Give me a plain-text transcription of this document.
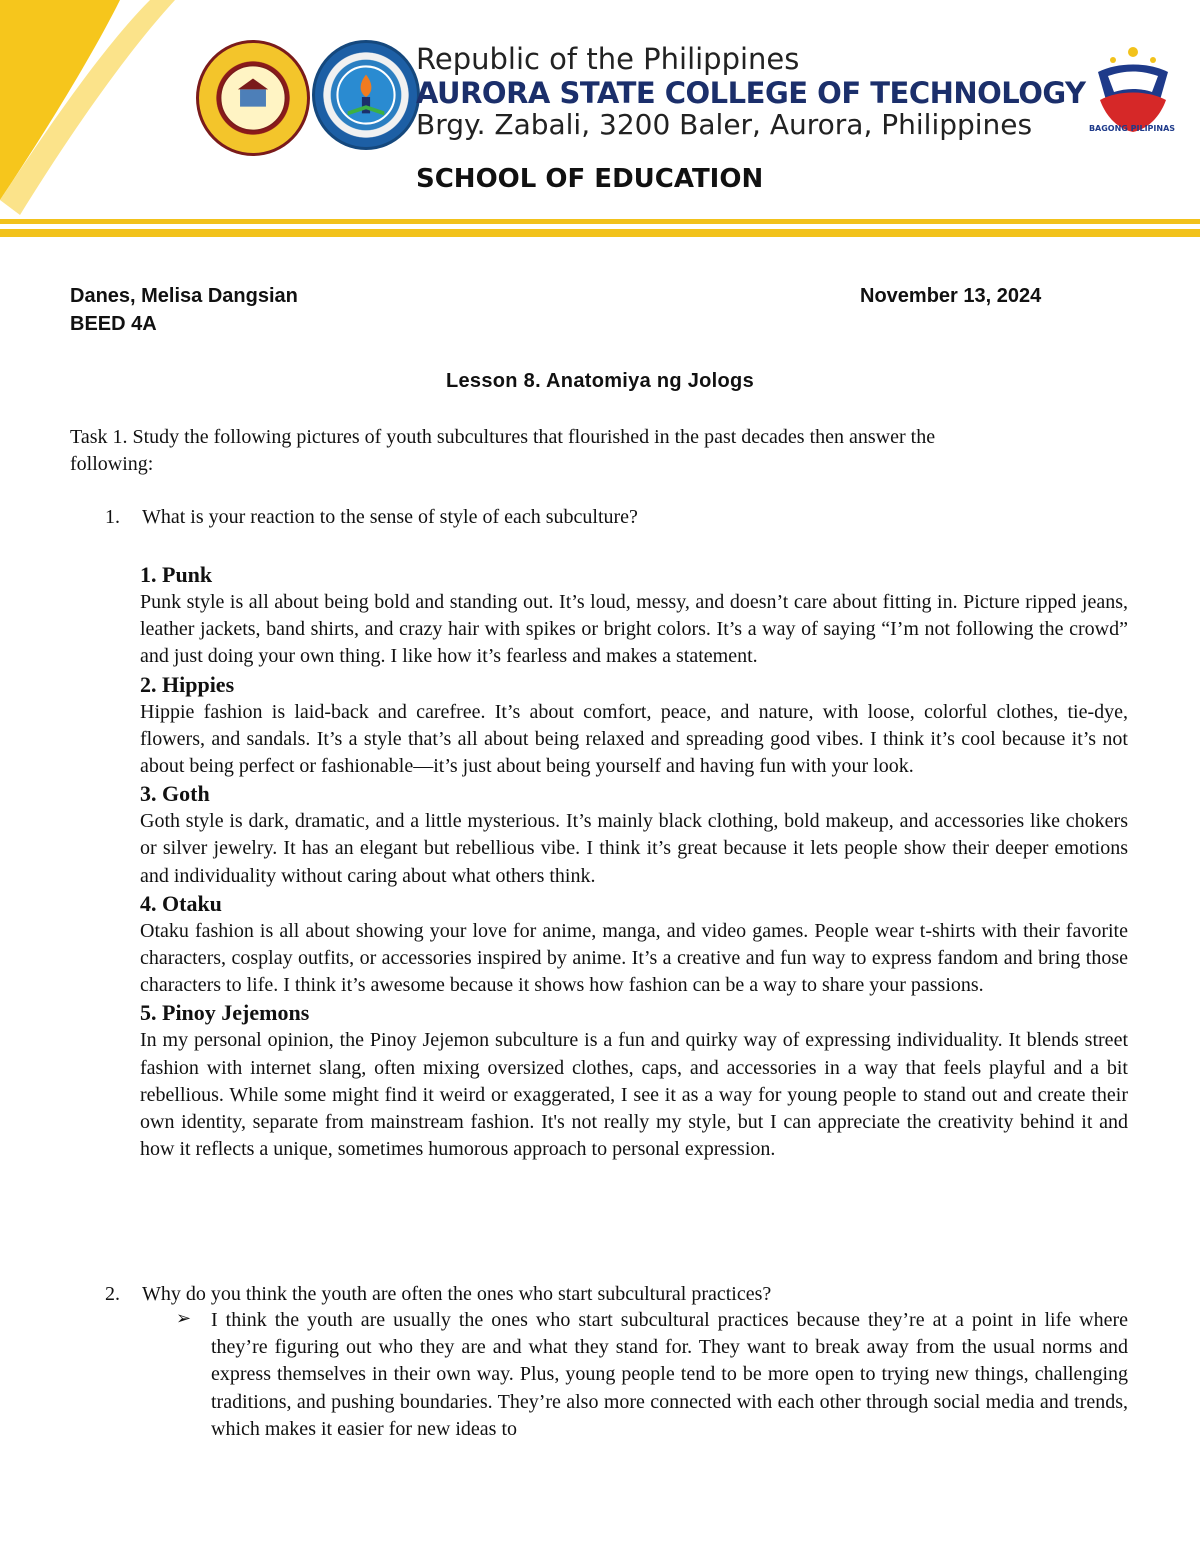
Republic of the Philippines
AURORA STATE COLLEGE OF TECHNOLOGY
Brgy. Zabali, 3200 Baler, Aurora, Philippines
SCHOOL OF EDUCATION
BAGONG PILIPINAS
Danes, Melisa Dangsian
BEED 4A
November 13, 2024
Lesson 8. Anatomiya ng Jologs
Task 1. Study the following pictures of youth subcultures that flourished in the past decades then answer the following:
1. What is your reaction to the sense of style of each subculture?
1. Punk

Punk style is all about being bold and standing out. It’s loud, messy, and doesn’t care about fitting in. Picture ripped jeans, leather jackets, band shirts, and crazy hair with spikes or bright colors. It’s a way of saying “I’m not following the crowd” and just doing your own thing. I like how it’s fearless and makes a statement.

2. Hippies

Hippie fashion is laid-back and carefree. It’s about comfort, peace, and nature, with loose, colorful clothes, tie-dye, flowers, and sandals. It’s a style that’s all about being relaxed and spreading good vibes. I think it’s cool because it’s not about being perfect or fashionable—it’s just about being yourself and having fun with your look.

3. Goth

Goth style is dark, dramatic, and a little mysterious. It’s mainly black clothing, bold makeup, and accessories like chokers or silver jewelry. It has an elegant but rebellious vibe. I think it’s great because it lets people show their deeper emotions and individuality without caring about what others think.

4. Otaku

Otaku fashion is all about showing your love for anime, manga, and video games. People wear t-shirts with their favorite characters, cosplay outfits, or accessories inspired by anime. It’s a creative and fun way to express fandom and bring those characters to life. I think it’s awesome because it shows how fashion can be a way to share your passions.

5. Pinoy Jejemons

In my personal opinion, the Pinoy Jejemon subculture is a fun and quirky way of expressing individuality. It blends street fashion with internet slang, often mixing oversized clothes, caps, and accessories in a way that feels playful and a bit rebellious. While some might find it weird or exaggerated, I see it as a way for young people to stand out and create their own identity, separate from mainstream fashion. It's not really my style, but I can appreciate the creativity behind it and how it reflects a unique, sometimes humorous approach to personal expression.

2. Why do you think the youth are often the ones who start subcultural practices?
➢ I think the youth are usually the ones who start subcultural practices because they’re at a point in life where they’re figuring out who they are and what they stand for. They want to break away from the usual norms and express themselves in their own way. Plus, young people tend to be more open to trying new things, challenging traditions, and pushing boundaries. They’re also more connected with each other through social media and trends, which makes it easier for new ideas to
